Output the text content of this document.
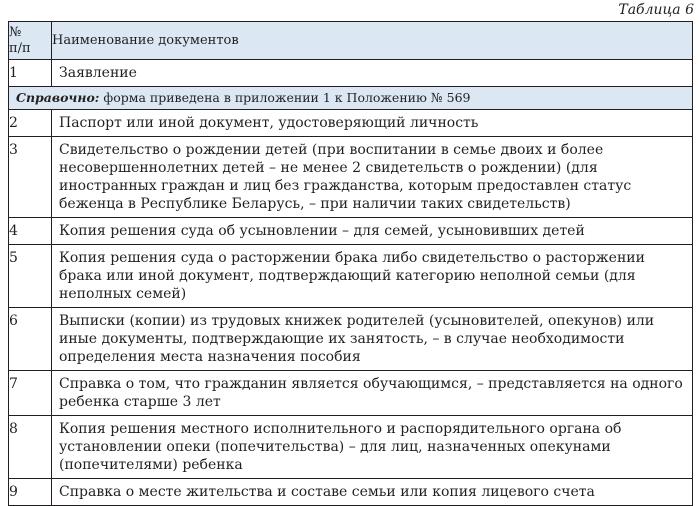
Таблица 6
№
п/п	Наименование документов

1	Заявление

Справочно: форма приведена в приложении 1 к Положению № 569	
2	Паспорт или иной документ, удостоверяющий личность

3	Свидетельство о рождении детей (при воспитании в семье двоих и более несовершеннолетних детей – не менее 2 свидетельств о рождении) (для иностранных граждан и лиц без гражданства, которым предоставлен статус беженца в Республике Беларусь, – при наличии таких свидетельств)

4	Копия решения суда об усыновлении – для семей, усыновивших детей

5	Копия решения суда о расторжении брака либо свидетельство о расторжении брака или иной документ, подтверждающий категорию неполной семьи (для неполных семей)

6	Выписки (копии) из трудовых книжек родителей (усыновителей, опекунов) или иные документы, подтверждающие их занятость, – в случае необходимости определения места назначения пособия

7	Справка о том, что гражданин является обучающимся, – представляется на одного ребенка старше 3 лет

8	Копия решения местного исполнительного и распорядительного органа об установлении опеки (попечительства) – для лиц, назначенных опекунами (попечителями) ребенка

9	Справка о месте жительства и составе семьи или копия лицевого счета
